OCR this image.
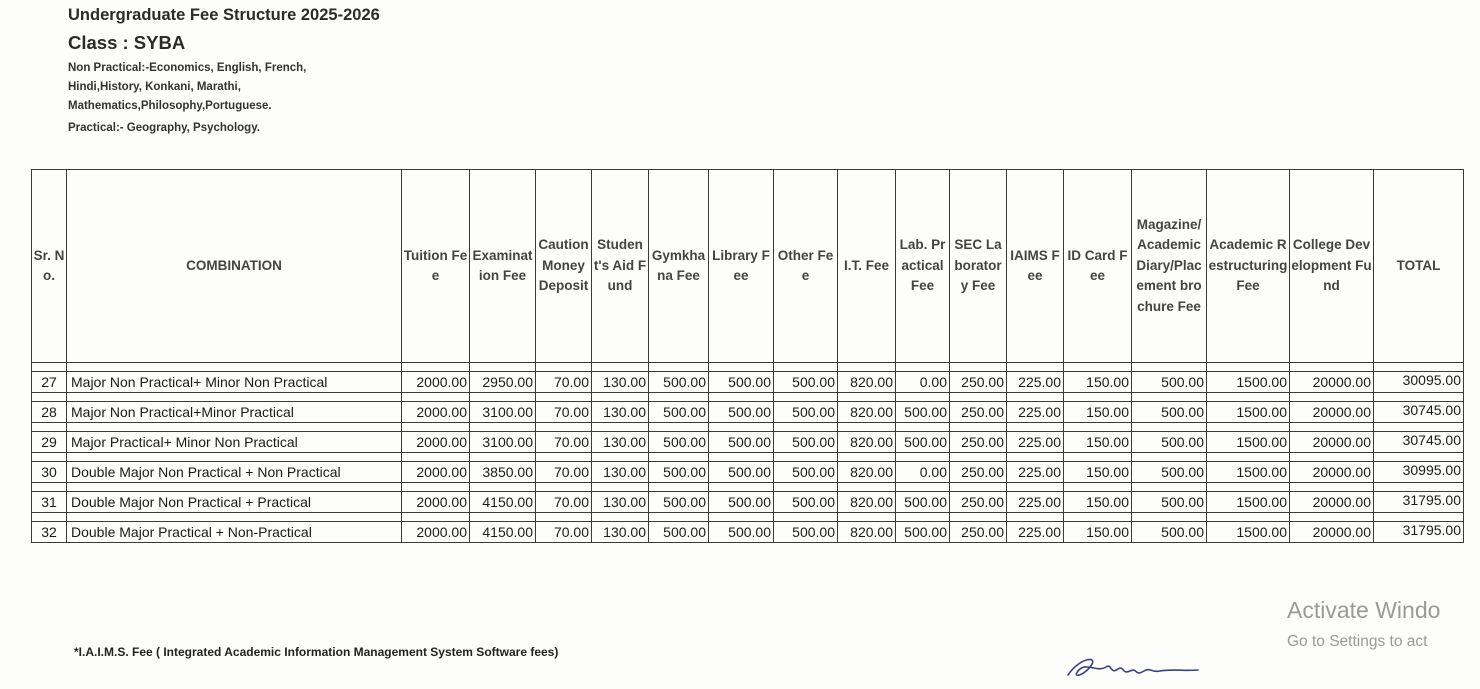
Undergraduate Fee Structure 2025-2026
Class : SYBA
Non Practical:-Economics, English, French, Hindi,History, Konkani, Marathi, Mathematics,Philosophy,Portuguese.
Practical:- Geography, Psychology.
Sr. No.	COMBINATION	Tuition Fee	Examination Fee	Caution Money Deposit	Student's Aid Fund	Gymkhana Fee	Library Fee	Other Fee	I.T. Fee	Lab. Practical Fee	SEC Laboratory Fee	IAIMS Fee	ID Card Fee	Magazine/Academic Diary/Placement brochure Fee	Academic Restructuring Fee	College Development Fund	TOTAL

27	Major Non Practical+ Minor Non Practical	2000.00	2950.00	70.00	130.00	500.00	500.00	500.00	820.00	0.00	250.00	225.00	150.00	500.00	1500.00	20000.00	30095.00

28	Major Non Practical+Minor Practical	2000.00	3100.00	70.00	130.00	500.00	500.00	500.00	820.00	500.00	250.00	225.00	150.00	500.00	1500.00	20000.00	30745.00

29	Major Practical+ Minor Non Practical	2000.00	3100.00	70.00	130.00	500.00	500.00	500.00	820.00	500.00	250.00	225.00	150.00	500.00	1500.00	20000.00	30745.00

30	Double Major Non Practical + Non Practical	2000.00	3850.00	70.00	130.00	500.00	500.00	500.00	820.00	0.00	250.00	225.00	150.00	500.00	1500.00	20000.00	30995.00

31	Double Major Non Practical + Practical	2000.00	4150.00	70.00	130.00	500.00	500.00	500.00	820.00	500.00	250.00	225.00	150.00	500.00	1500.00	20000.00	31795.00

32	Double Major Practical + Non-Practical	2000.00	4150.00	70.00	130.00	500.00	500.00	500.00	820.00	500.00	250.00	225.00	150.00	500.00	1500.00	20000.00	31795.00
*I.A.I.M.S. Fee ( Integrated Academic Information Management System Software fees)
Activate Windo
Go to Settings to act
